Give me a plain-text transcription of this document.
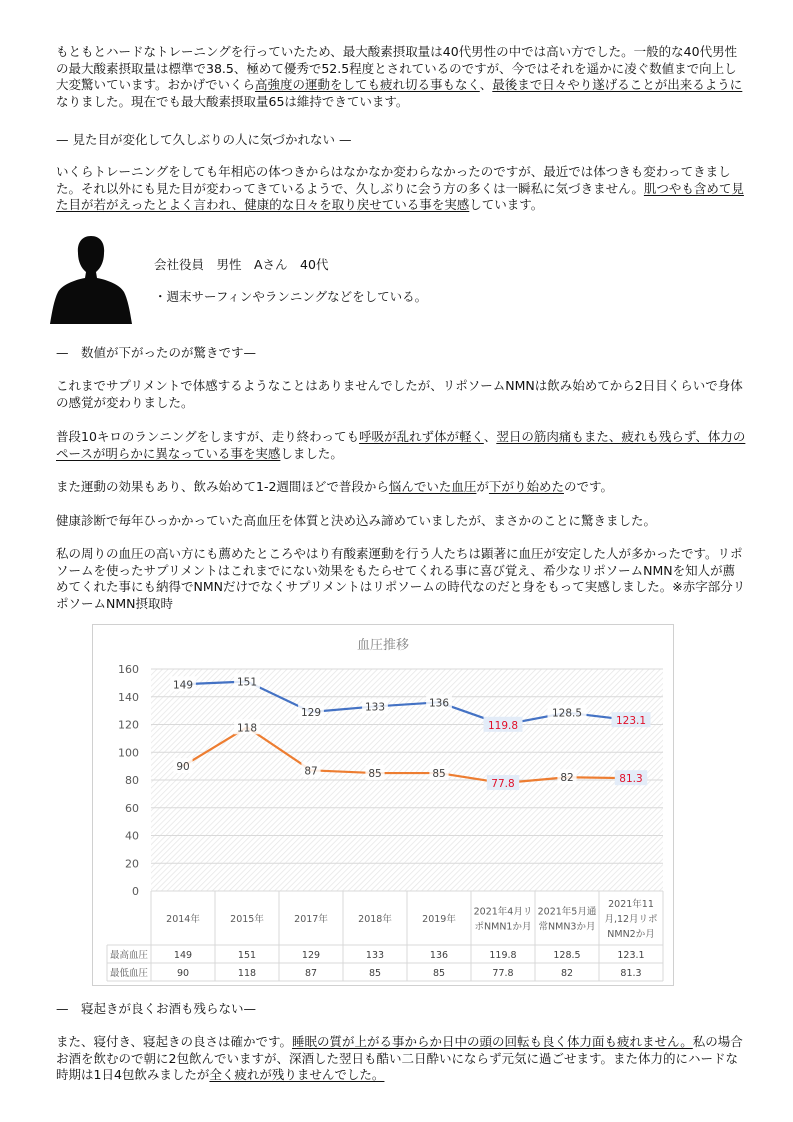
もともとハードなトレーニングを行っていたため、最大酸素摂取量は40代男性の中では高い方でした。一般的な40代男性の最大酸素摂取量は標準で38.5、極めて優秀で52.5程度とされているのですが、今ではそれを遥かに凌ぐ数値まで向上し大変驚いています。おかげでいくら高強度の運動をしても疲れ切る事もなく、最後まで日々やり遂げることが出来るようになりました。現在でも最大酸素摂取量65は維持できています。

— 見た目が変化して久しぶりの人に気づかれない —

いくらトレーニングをしても年相応の体つきからはなかなか変わらなかったのですが、最近では体つきも変わってきました。それ以外にも見た目が変わってきているようで、久しぶりに会う方の多くは一瞬私に気づきません。肌つやも含めて見た目が若がえったとよく言われ、健康的な日々を取り戻せている事を実感しています。

会社役員　男性　Aさん　40代
・週末サーフィンやランニングなどをしている。

—　数値が下がったのが驚きです—

これまでサプリメントで体感するようなことはありませんでしたが、リポソームNMNは飲み始めてから2日目くらいで身体の感覚が変わりました。

普段10キロのランニングをしますが、走り終わっても呼吸が乱れず体が軽く、翌日の筋肉痛もまた、疲れも残らず、体力のペースが明らかに異なっている事を実感しました。

また運動の効果もあり、飲み始めて1-2週間ほどで普段から悩んでいた血圧が下がり始めたのです。

健康診断で毎年ひっかかっていた高血圧を体質と決め込み諦めていましたが、まさかのことに驚きました。

私の周りの血圧の高い方にも薦めたところやはり有酸素運動を行う人たちは顕著に血圧が安定した人が多かったです。リポソームを使ったサプリメントはこれまでにない効果をもたらせてくれる事に喜び覚え、希少なリポソームNMNを知人が薦めてくれた事にも納得でNMNだけでなくサプリメントはリポソームの時代なのだと身をもって実感しました。※赤字部分リポソームNMN摂取時

血圧推移
0
20
40
60
80
100
120
140
160
2014年	2015年	2017年	2018年	2019年
2021年4月リ
ポNMN1か月
2021年5月通
常NMN3か月
2021年11
月,12月リポ
NMN2か月
最高血圧	149	151	129	133	136	119.8	128.5	123.1
最低血圧	90	118	87	85	85	77.8	82	81.3
149	151
129	133	136
119.8
128.5
123.1
90
118
87	85	85
77.8	82	81.3

—　寝起きが良くお酒も残らない—

また、寝付き、寝起きの良さは確かです。睡眠の質が上がる事からか日中の頭の回転も良く体力面も疲れません。私の場合お酒を飲むので朝に2包飲んでいますが、深酒した翌日も酷い二日酔いにならず元気に過ごせます。また体力的にハードな時期は1日4包飲みましたが全く疲れが残りませんでした。
